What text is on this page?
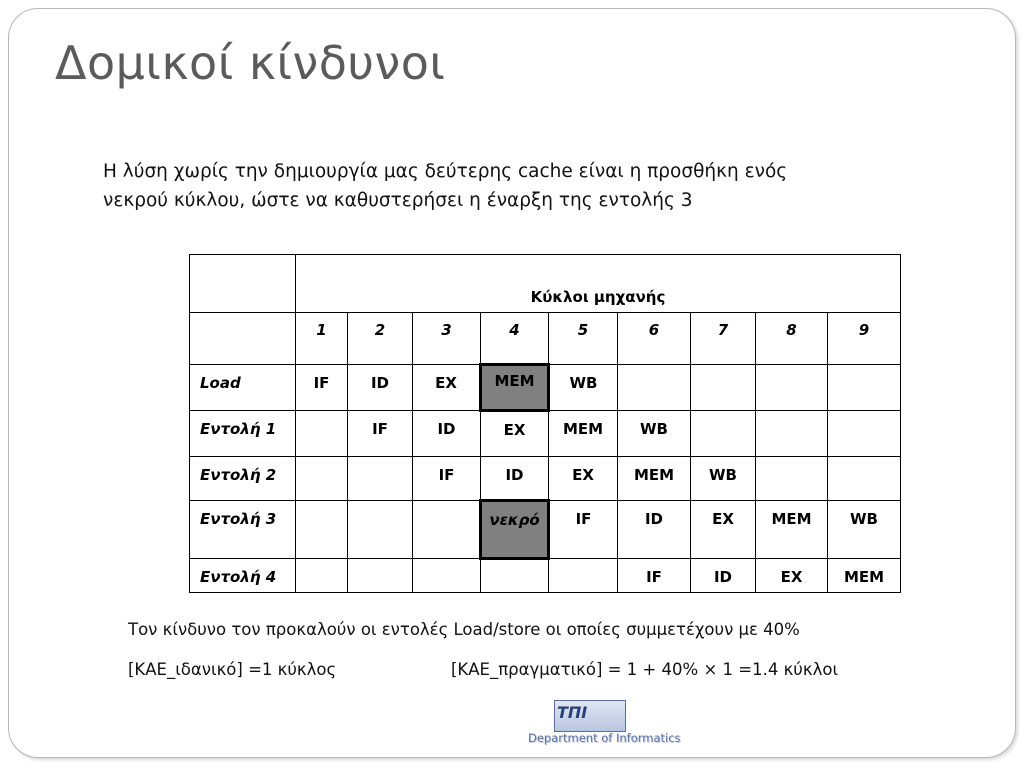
Δομικοί κίνδυνοι
Η λύση χωρίς την δημιουργία μας δεύτερης cache είναι η προσθήκη ενός
νεκρού κύκλου, ώστε να καθυστερήσει η έναρξη της εντολής 3

	Κύκλοι μηχανής								

	1	2	3	4	5	6	7	8	9

Load	IF	ID	EX	MEM	WB				

Εντολή 1		IF	ID	EX	MEM	WB			

Εντολή 2			IF	ID	EX	MEM	WB		

Εντολή 3				νεκρό	IF	ID	EX	MEM	WB

Εντολή 4						IF	ID	EX	MEM
Τον κίνδυνο τον προκαλούν οι εντολές Load/store οι οποίες συμμετέχουν με 40%
[ΚΑΕ_ιδανικό] =1 κύκλος	[ΚΑΕ_πραγματικό] = 1 + 40% × 1 =1.4 κύκλοι
ΤΠΙ
Department of Informatics
